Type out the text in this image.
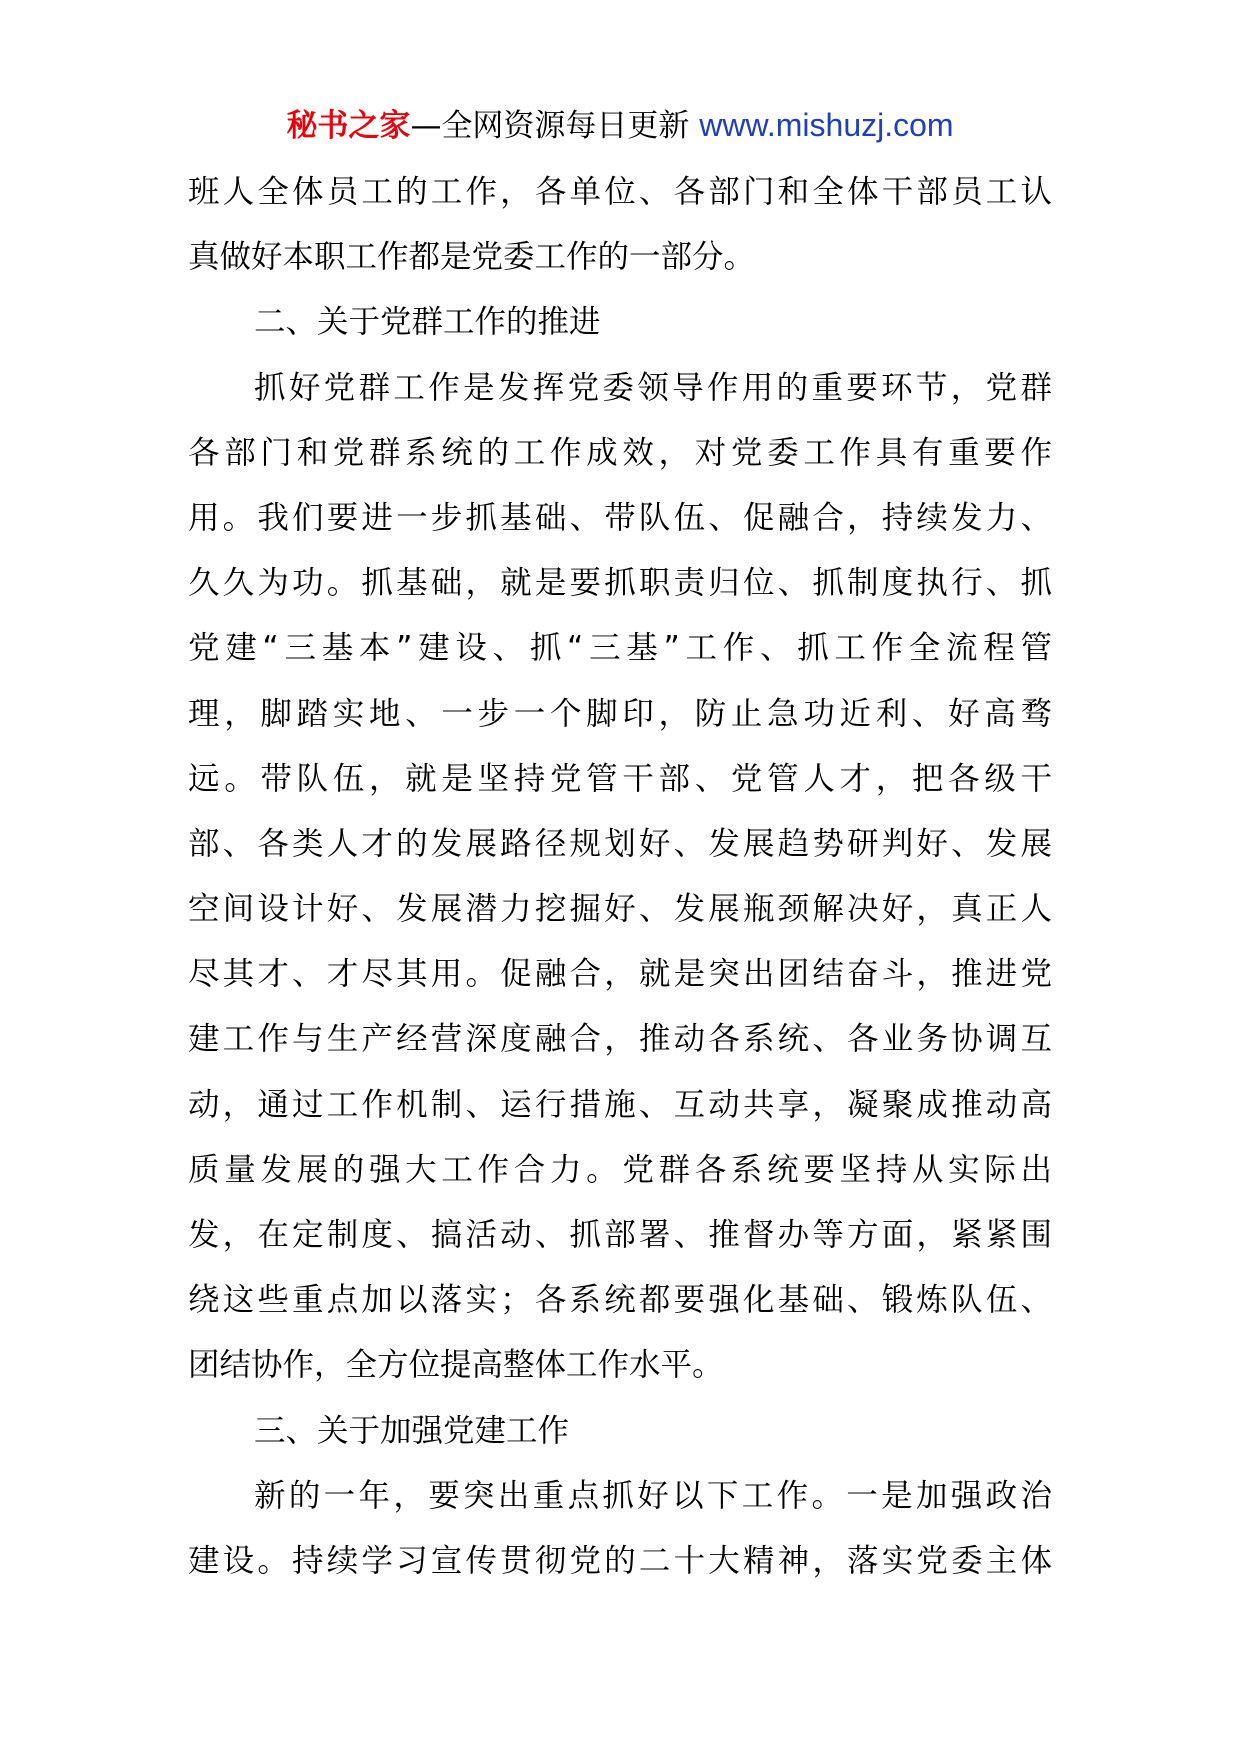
秘书之家—全网资源每日更新 www.mishuzj.com
班人全体员工的工作，各单位、各部门和全体干部员工认
真做好本职工作都是党委工作的一部分。
二、关于党群工作的推进
抓好党群工作是发挥党委领导作用的重要环节，党群
各部门和党群系统的工作成效，对党委工作具有重要作
用。我们要进一步抓基础、带队伍、促融合，持续发力、
久久为功。抓基础，就是要抓职责归位、抓制度执行、抓
党建“三基本”建设、抓“三基”工作、抓工作全流程管
理，脚踏实地、一步一个脚印，防止急功近利、好高骛
远。带队伍，就是坚持党管干部、党管人才，把各级干
部、各类人才的发展路径规划好、发展趋势研判好、发展
空间设计好、发展潜力挖掘好、发展瓶颈解决好，真正人
尽其才、才尽其用。促融合，就是突出团结奋斗，推进党
建工作与生产经营深度融合，推动各系统、各业务协调互
动，通过工作机制、运行措施、互动共享，凝聚成推动高
质量发展的强大工作合力。党群各系统要坚持从实际出
发，在定制度、搞活动、抓部署、推督办等方面，紧紧围
绕这些重点加以落实；各系统都要强化基础、锻炼队伍、
团结协作，全方位提高整体工作水平。
三、关于加强党建工作
新的一年，要突出重点抓好以下工作。一是加强政治
建设。持续学习宣传贯彻党的二十大精神，落实党委主体
